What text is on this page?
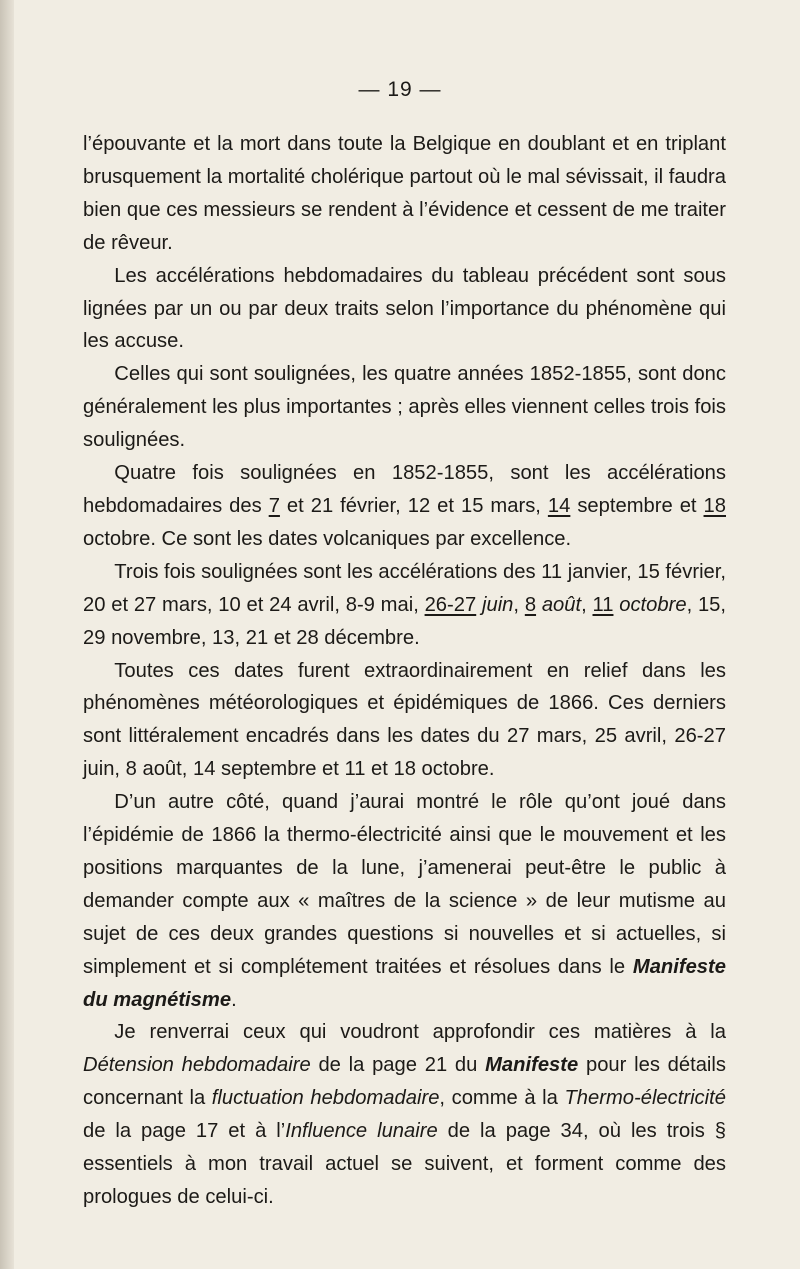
— 19 —

l’épouvante et la mort dans toute la Belgique en doublant et en triplant brusquement la mortalité cholérique partout où le mal sévissait, il faudra bien que ces messieurs se rendent à l’évidence et cessent de me traiter de rêveur.

Les accélérations hebdomadaires du tableau précédent sont sous lignées par un ou par deux traits selon l’importance du phénomène qui les accuse.

Celles qui sont soulignées, les quatre années 1852-1855, sont donc généralement les plus importantes ; après elles viennent celles trois fois soulignées.

Quatre fois soulignées en 1852-1855, sont les accélérations hebdomadaires des 7 et 21 février, 12 et 15 mars, 14 septembre et 18 octobre. Ce sont les dates volcaniques par excellence.

Trois fois soulignées sont les accélérations des 11 janvier, 15 février, 20 et 27 mars, 10 et 24 avril, 8-9 mai, 26-27 juin, 8 août, 11 octobre, 15, 29 novembre, 13, 21 et 28 décembre.

Toutes ces dates furent extraordinairement en relief dans les phénomènes météorologiques et épidémiques de 1866. Ces derniers sont littéralement encadrés dans les dates du 27 mars, 25 avril, 26-27 juin, 8 août, 14 septembre et 11 et 18 octobre.

D’un autre côté, quand j’aurai montré le rôle qu’ont joué dans l’épidémie de 1866 la thermo-électricité ainsi que le mouvement et les positions marquantes de la lune, j’amenerai peut-être le public à demander compte aux « maîtres de la science » de leur mutisme au sujet de ces deux grandes questions si nouvelles et si actuelles, si simplement et si complétement traitées et résolues dans le Manifeste du magnétisme.

Je renverrai ceux qui voudront approfondir ces matières à la Détension hebdomadaire de la page 21 du Manifeste pour les détails concernant la fluctuation hebdomadaire, comme à la Thermo-électricité de la page 17 et à l’Influence lunaire de la page 34, où les trois § essentiels à mon travail actuel se suivent, et forment comme des prologues de celui-ci.
